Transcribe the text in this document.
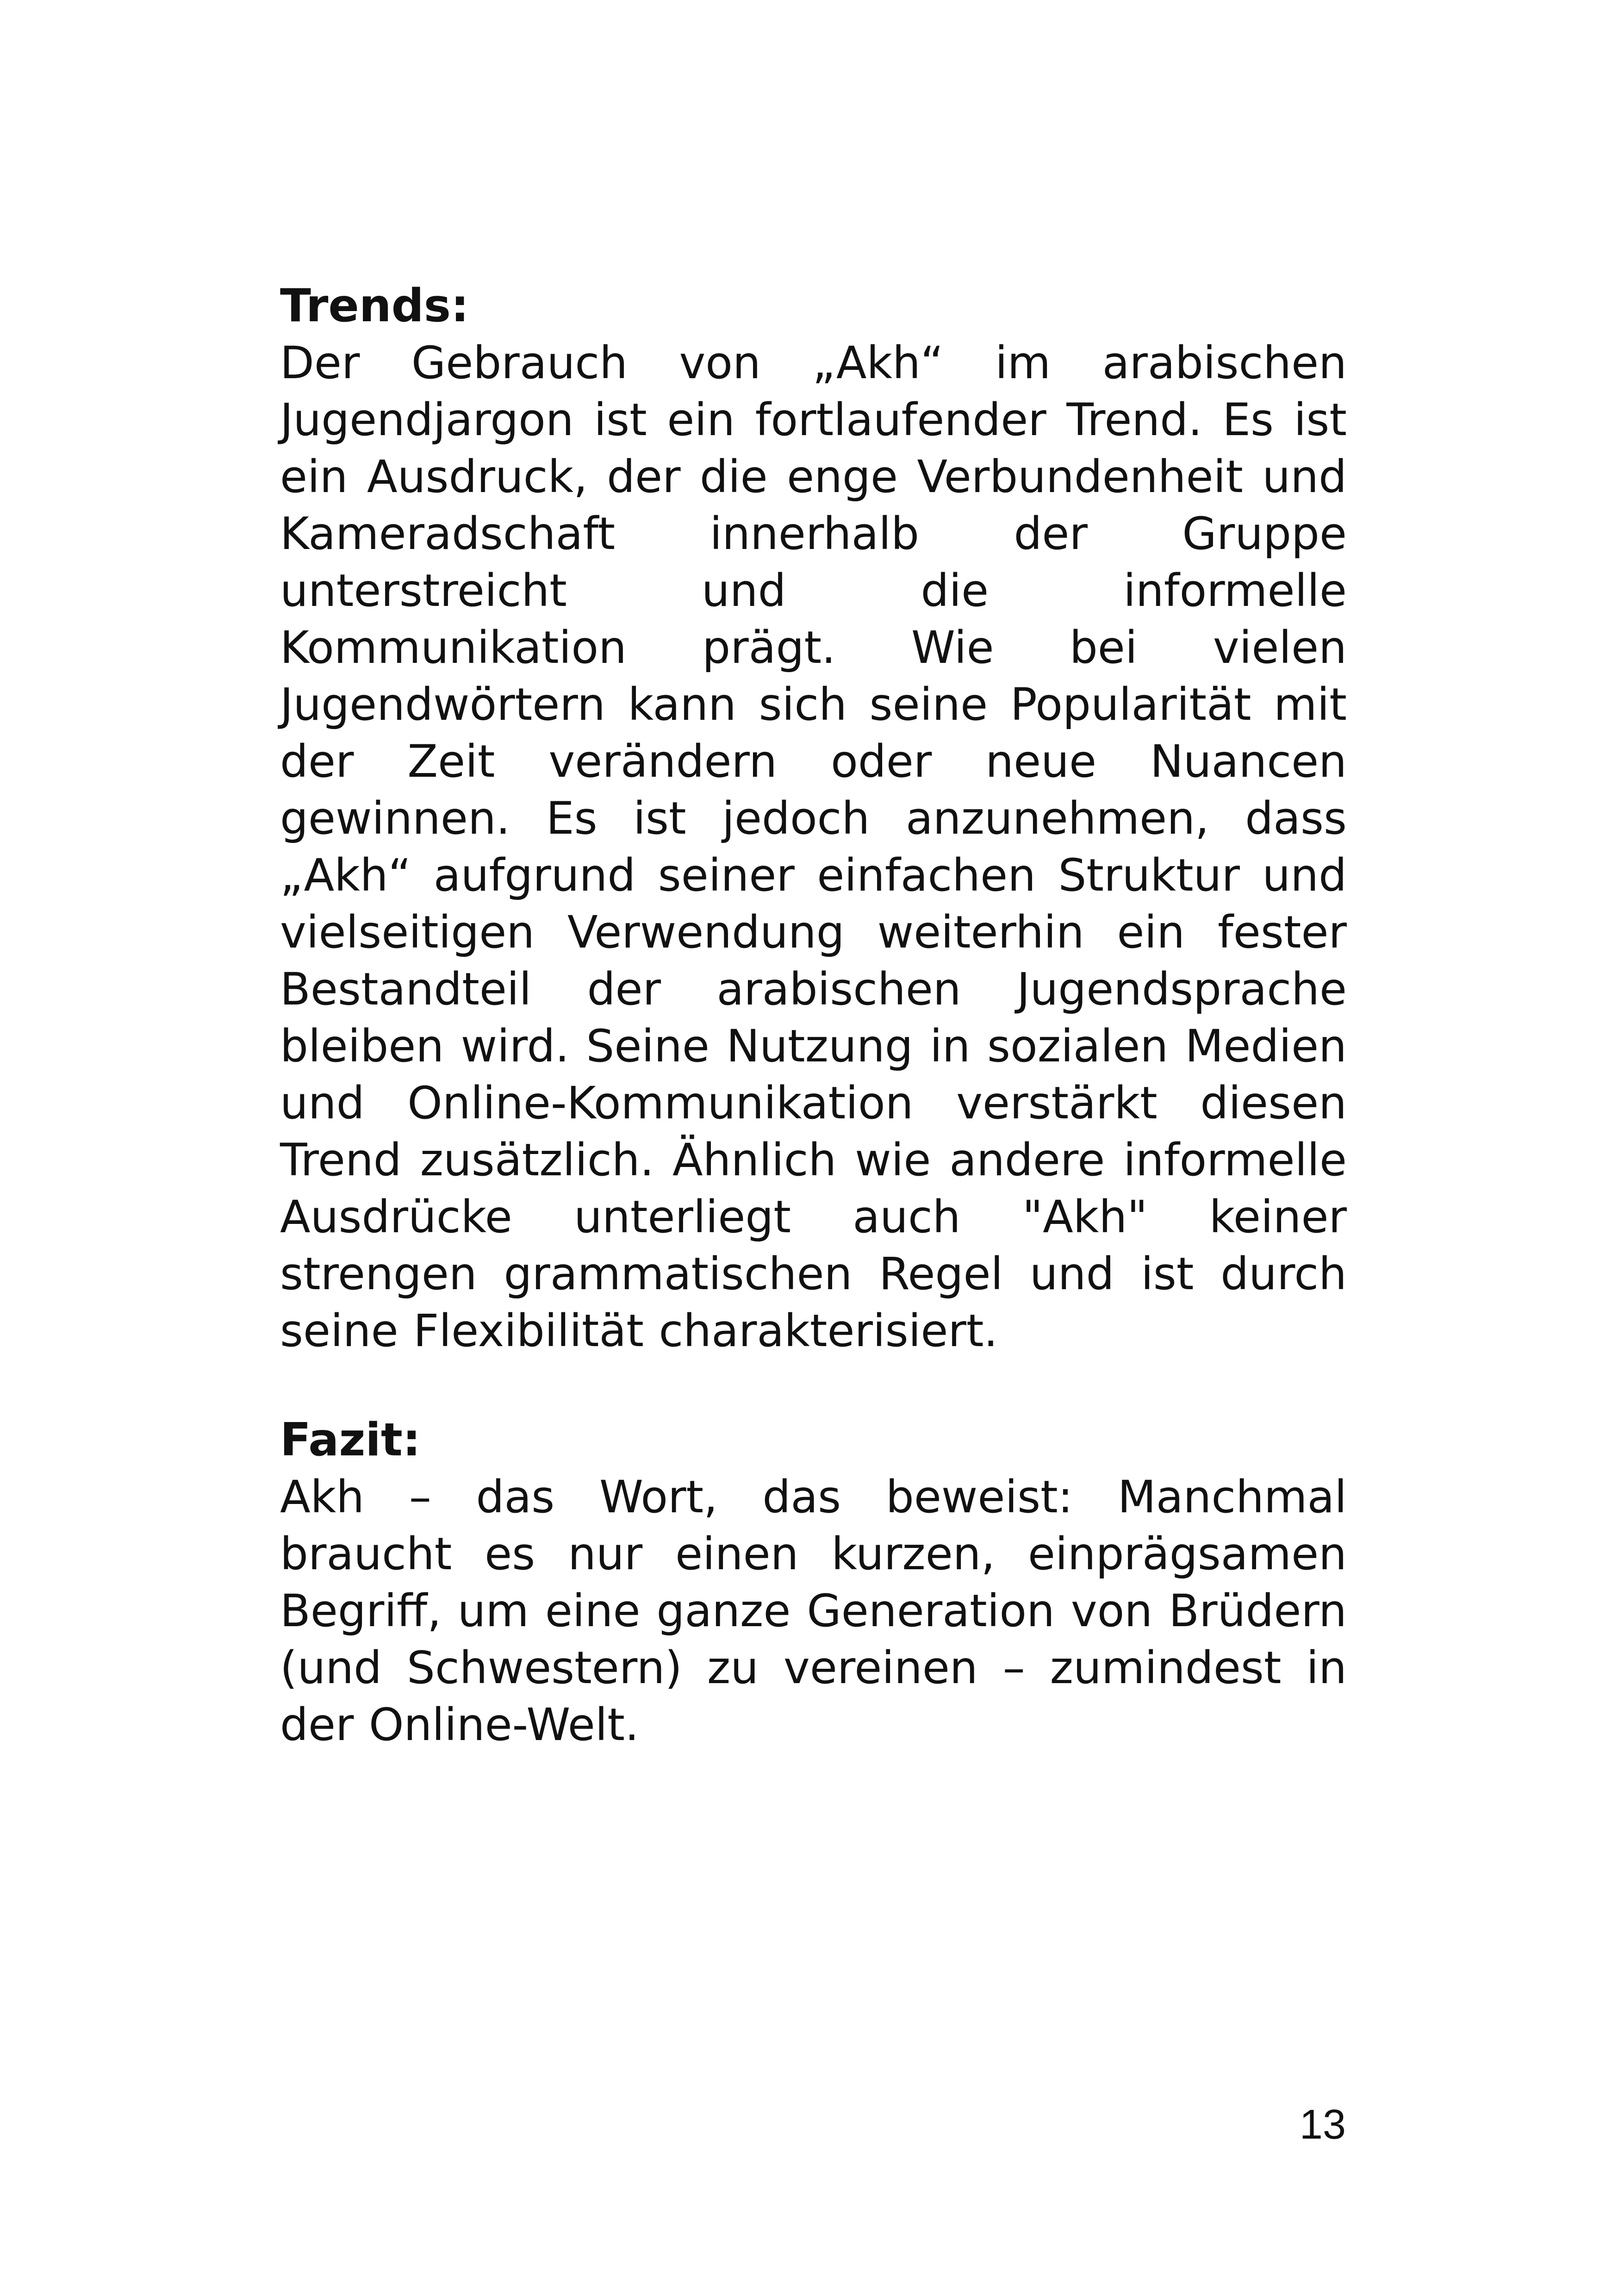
Trends:

Der Gebrauch von „Akh“ im arabischen Jugendjargon ist ein fortlaufender Trend. Es ist ein Ausdruck, der die enge Verbundenheit und Kameradschaft innerhalb der Gruppe unterstreicht und die informelle Kommunikation prägt. Wie bei vielen Jugendwörtern kann sich seine Popularität mit der Zeit verändern oder neue Nuancen gewinnen. Es ist jedoch anzunehmen, dass „Akh“ aufgrund seiner einfachen Struktur und vielseitigen Verwendung weiterhin ein fester Bestandteil der arabischen Jugendsprache bleiben wird. Seine Nutzung in sozialen Medien und Online-Kommunikation verstärkt diesen Trend zusätzlich. Ähnlich wie andere informelle Ausdrücke unterliegt auch "Akh" keiner strengen grammatischen Regel und ist durch seine Flexibilität charakterisiert.

Fazit:

Akh – das Wort, das beweist: Manchmal braucht es nur einen kurzen, einprägsamen Begriff, um eine ganze Generation von Brüdern (und Schwestern) zu vereinen – zumindest in der Online-Welt.

13
